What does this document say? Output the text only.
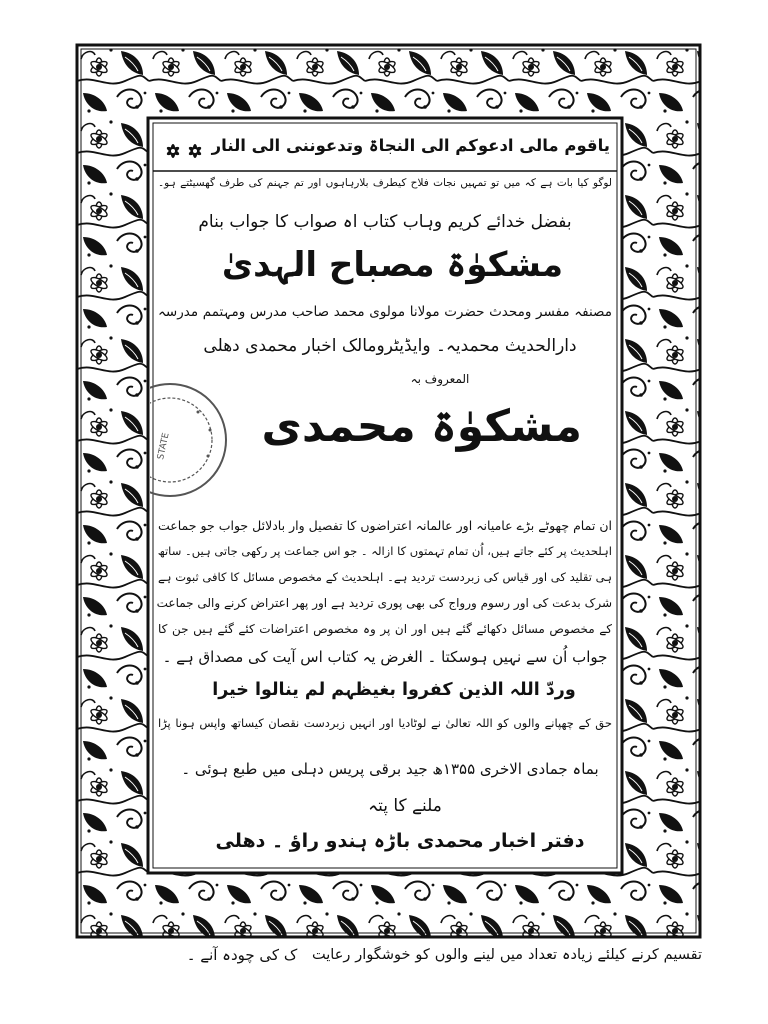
STATE
یاقوم مالی ادعوکم الی النجاۃ وتدعوننی الی النار
لوگو کیا بات ہے کہ میں تو تمہیں نجات فلاح کیطرف بلارہاہوں اور تم جہنم کی طرف گھسیٹتے ہو۔
بفضل خدائے کریم وہاب کتاب اہ صواب کا جواب بنام
مشکوٰۃ مصباح الہدیٰ
مصنفہ مفسر ومحدث حضرت مولانا مولوی محمد صاحب مدرس ومہتمم مدرسہ
دارالحدیث محمدیہ۔ وایڈیٹرومالک اخبار محمدی دھلی
المعروف بہ
مشکوٰۃ محمدی
ان تمام چھوٹے بڑے عامیانہ اور عالمانہ اعتراضوں کا تفصیل وار بادلائل جواب جو جماعت
اہلحدیث پر کئے جاتے ہیں، اُن تمام تہمتوں کا ازالہ ۔ جو اس جماعت پر رکھی جاتی ہیں۔ ساتھ
ہی تقلید کی اور قیاس کی زبردست تردید ہے۔ اہلحدیث کے مخصوص مسائل کا کافی ثبوت ہے
شرک بدعت کی اور رسوم ورواج کی بھی پوری تردید ہے اور پھر اعتراض کرنے والی جماعت
کے مخصوص مسائل دکھائے گئے ہیں اور ان پر وہ مخصوص اعتراضات کئے گئے ہیں جن کا
جواب اُن سے نہیں ہوسکتا ۔ الغرض یہ کتاب اس آیت کی مصداق ہے ۔
وردّ اللہ الذین کفروا بغیظہم لم ینالوا خیرا
حق کے چھپانے والوں کو اللہ تعالیٰ نے لوٹادیا اور انہیں زبردست نقصان کیساتھ واپس ہونا پڑا
بماہ جمادی الاخری ۱۳۵۵ھ جید برقی پریس دہلی میں طبع ہوئی ۔
ملنے کا پتہ
دفتر اخبار محمدی باڑہ ہندو راؤ ۔ دھلی
ک کی چودہ آنے ۔	تقسیم کرنے کیلئے زیادہ تعداد میں لینے والوں کو خوشگوار رعایت
